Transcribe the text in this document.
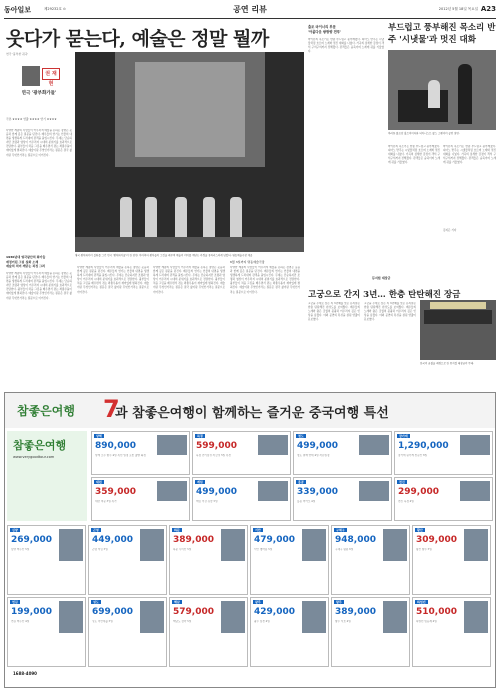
동아일보	제29232호 ⊙	공연 리뷰	2012년 5월 18일 목요일 A23
웃다가 묻는다, 예술은 정말 뭘까
연극 '풍부한 귀곡'
권 재 현
연극 '광부화가들'
극본 ★★★★ 연출 ★★★★ 연기 ★★★★
영국 광부화가의 실화를 그린 연극 '광부화가들'의 한 장면. 아마추어 광부들이 그림을 배우며 예술의 의미를 깨닫는 과정을 유머러스하게 담았다. 명동예술극장 제공
다양한 계층의 사람들이 어우러져 예술을 논하는 장면은 웃음과 함께 깊은 질문을 던진다. 배우들의 연기는 인물의 내면을 생생하게 드러내며 관객을 몰입시킨다. 무대는 단순하지만 조명과 영상이 어우러져 시대의 분위기를 효과적으로 전달한다. 광부들이 처음 그림을 배우면서 겪는 좌충우돌이 재미있게 펼쳐진다. 예술이란 무엇인가라는 질문은 결국 삶이란 무엇인가라는 질문으로 이어진다.
1930년대 영국광산의 화가들
애정어린 그림 실화 소재
예술의 의미 깨닫는 과정 그려
다양한 계층의 사람들이 어우러져 예술을 논하는 장면은 웃음과 함께 깊은 질문을 던진다. 배우들의 연기는 인물의 내면을 생생하게 드러내며 관객을 몰입시킨다. 무대는 단순하지만 조명과 영상이 어우러져 시대의 분위기를 효과적으로 전달한다. 광부들이 처음 그림을 배우면서 겪는 좌충우돌이 재미있게 펼쳐진다. 예술이란 무엇인가라는 질문은 결국 삶이란 무엇인가라는 질문으로 이어진다.
다양한 계층의 사람들이 어우러져 예술을 논하는 장면은 웃음과 함께 깊은 질문을 던진다. 배우들의 연기는 인물의 내면을 생생하게 드러내며 관객을 몰입시킨다. 무대는 단순하지만 조명과 영상이 어우러져 시대의 분위기를 효과적으로 전달한다. 광부들이 처음 그림을 배우면서 겪는 좌충우돌이 재미있게 펼쳐진다. 예술이란 무엇인가라는 질문은 결국 삶이란 무엇인가라는 질문으로 이어진다.
다양한 계층의 사람들이 어우러져 예술을 논하는 장면은 웃음과 함께 깊은 질문을 던진다. 배우들의 연기는 인물의 내면을 생생하게 드러내며 관객을 몰입시킨다. 무대는 단순하지만 조명과 영상이 어우러져 시대의 분위기를 효과적으로 전달한다. 광부들이 처음 그림을 배우면서 겪는 좌충우돌이 재미있게 펼쳐진다. 예술이란 무엇인가라는 질문은 결국 삶이란 무엇인가라는 질문으로 이어진다.
6월 3일까지 명동예술극장
다양한 계층의 사람들이 어우러져 예술을 논하는 장면은 웃음과 함께 깊은 질문을 던진다. 배우들의 연기는 인물의 내면을 생생하게 드러내며 관객을 몰입시킨다. 무대는 단순하지만 조명과 영상이 어우러져 시대의 분위기를 효과적으로 전달한다. 광부들이 처음 그림을 배우면서 겪는 좌충우돌이 재미있게 펼쳐진다. 예술이란 무엇인가라는 질문은 결국 삶이란 무엇인가라는 질문으로 이어진다.
출조 마이너리 부문
'아름다운 쌍방향 전투'
바리톤의 목소리는 한층 부드럽고 풍부해졌다. 피아노 반주는 시냇물처럼 흐르며 노래와 멋진 대화를 나눴다. 가곡의 섬세한 감정이 객석 구석구석까지 전해졌다. 관객들은 숨죽이며 노래에 귀를 기울였다.
부드럽고 풍부해진 목소리 반주 '시냇물'과 멋진 대화
바리톤 볼프강 홀츠마이어와 피아니스트 찰스 스펜서의 공연 장면.
바리톤의 목소리는 한층 부드럽고 풍부해졌다. 피아노 반주는 시냇물처럼 흐르며 노래와 멋진 대화를 나눴다. 가곡의 섬세한 감정이 객석 구석구석까지 전해졌다. 관객들은 숨죽이며 노래에 귀를 기울였다.
바리톤의 목소리는 한층 부드럽고 풍부해졌다. 피아노 반주는 시냇물처럼 흐르며 노래와 멋진 대화를 나눴다. 가곡의 섬세한 감정이 객석 구석구석까지 전해졌다. 관객들은 숨죽이며 노래에 귀를 기울였다.
김지은 기자
뮤지컬 대장금
고궁으로 간지 3년… 한층 탄탄해진 장금
고궁을 무대로 삼은 지 3년째를 맞은 뮤지컬은 한층 탄탄해진 완성도를 보여줬다. 배우들의 노래와 춤은 궁궐의 풍광과 어우러져 깊은 인상을 남겼다. 야외 공연의 특성을 살린 연출이 돋보였다.
고궁을 무대로 삼은 지 3년째를 맞은 뮤지컬은 한층 탄탄해진 완성도를 보여줬다. 배우들의 노래와 춤은 궁궐의 풍광과 어우러져 깊은 인상을 남겼다. 야외 공연의 특성을 살린 연출이 돋보였다.
한국의 궁궐을 배경으로 한 뮤지컬 대장금의 무대.
참좋은여행 7
과 참좋은여행이 함께하는 즐거운 중국여행 특선
참좋은여행
www.verygoodtour.com
상해
890,000
상해 소주 항주 4일 특선 일정 포함 출발 확정
북경
599,000
북경 만리장성 자금성 5일 특선
청도
499,000
청도 위해 연태 4일 자유일정
장가계
1,290,000
장가계 원가계 천문산 6일
대련
359,000
대련 여순 3일 특가
계림
499,000
계림 이강 유람 5일
홍콩
339,000
홍콩 마카오 4일
천진
299,000
천진 북경 4일
심양
269,000
심양 백두산 5일
곤명
449,000
곤명 석림 5일
하문
389,000
하문 무이산 5일
서안
479,000
서안 병마용 5일
구채구
948,000
구채구 황룡 6일
황산
309,000
황산 항주 5일
연길
199,000
연길 백두산 4일
성도
699,000
성도 낙산대불 5일
해남
579,000
해남도 삼아 5일
광주
429,000
광주 심천 4일
항주
389,000
항주 서호 4일
하얼빈
510,000
하얼빈 빙등제 4일
1688-4090
